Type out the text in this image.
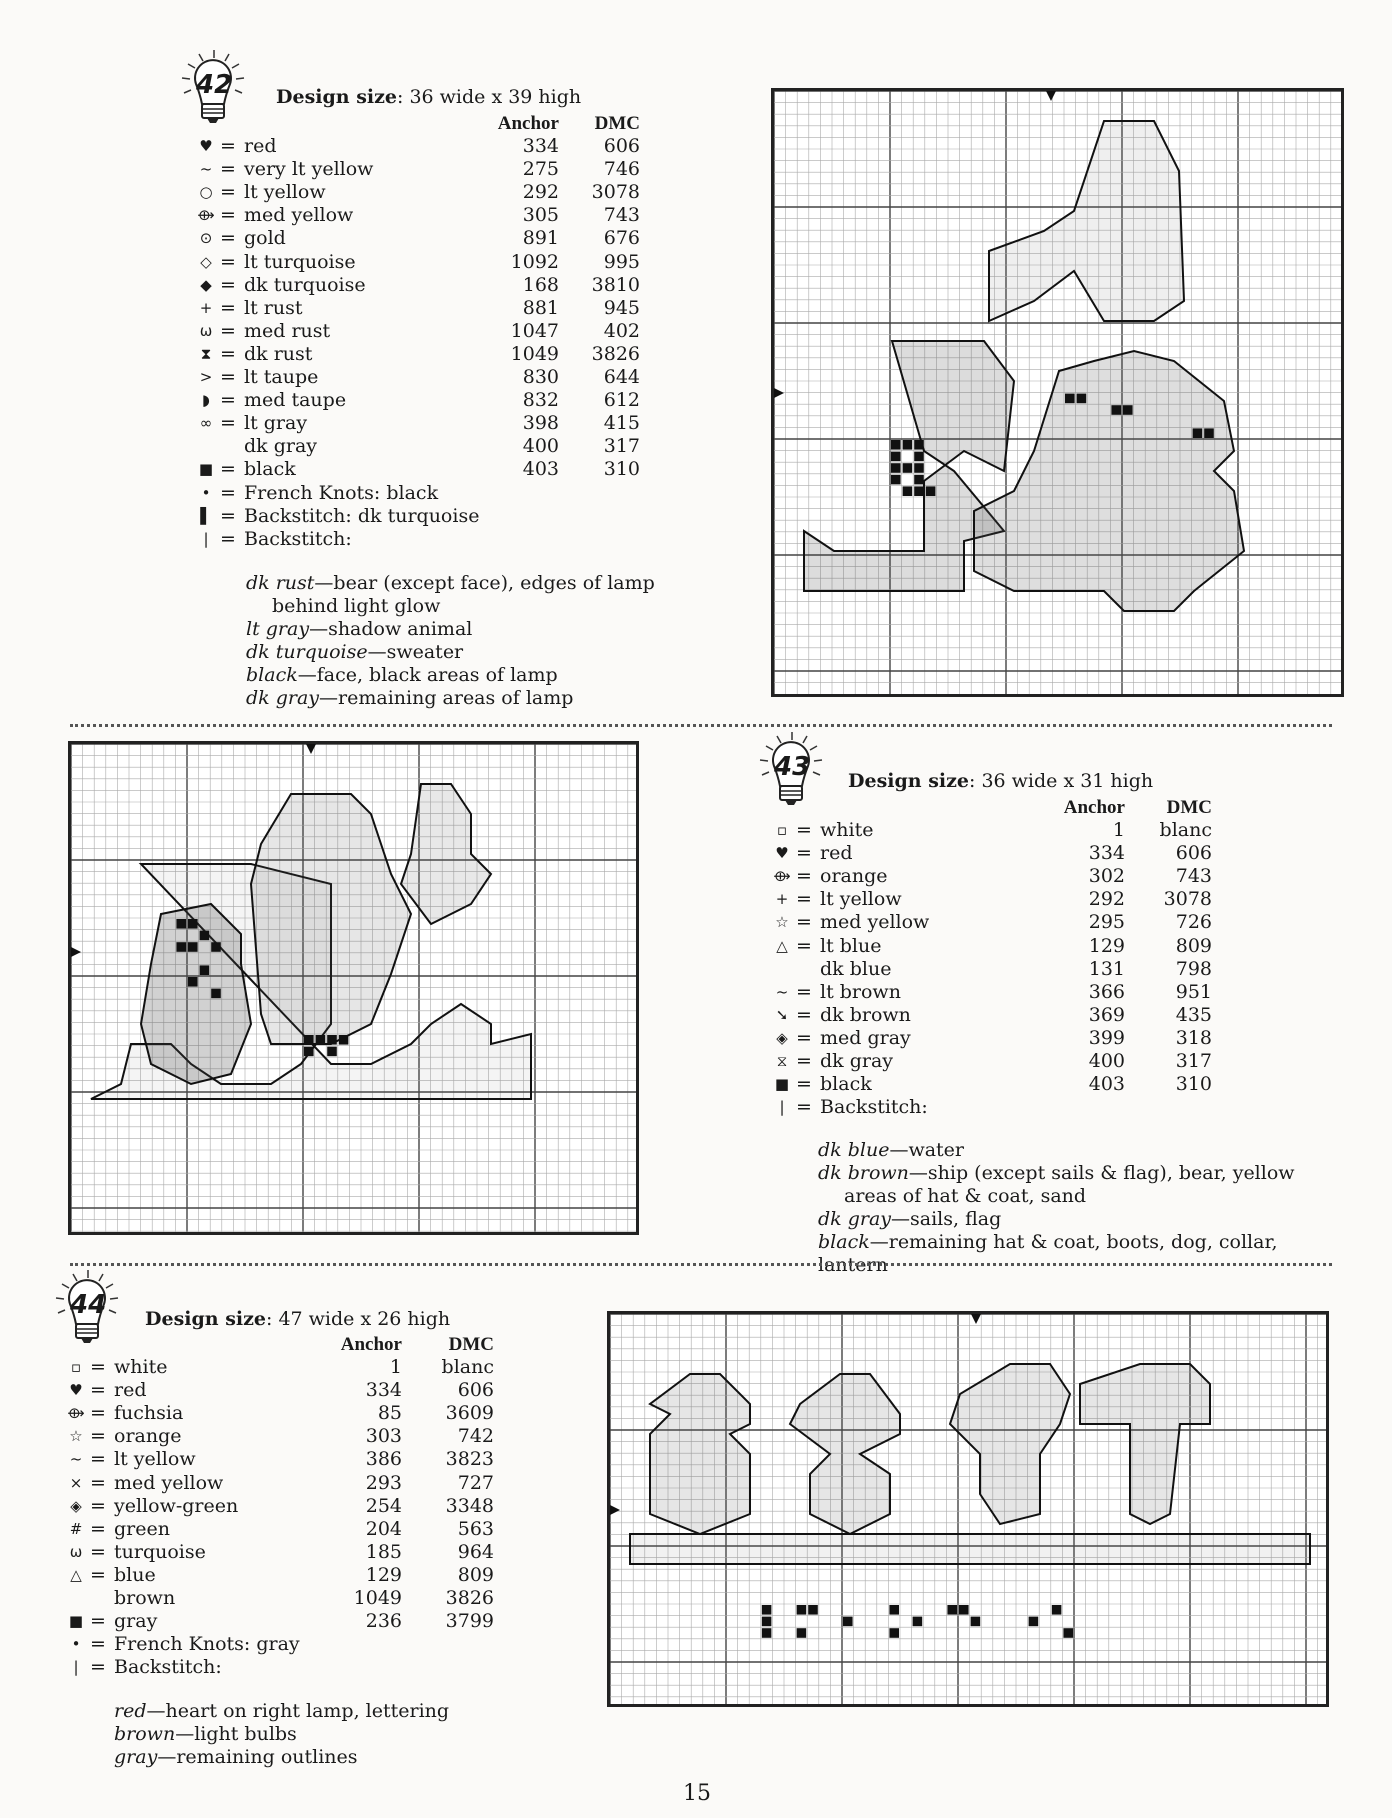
42 Design size: 36 wide x 39 high
Anchor DMC
♥ = red	334 606
~ = very lt yellow	275 746
○ = lt yellow	292 3078
⟴ = med yellow	305 743
⊙ = gold	891 676
◇ = lt turquoise	1092 995
◆ = dk turquoise	168 3810
+ = lt rust	881 945
ω = med rust	1047 402
⧗ = dk rust	1049 3826
> = lt taupe	830 644
◗ = med taupe	832 612
∞ = lt gray	398 415
dk gray	400 317
■ = black	403 310
• = French Knots: black
▌ = Backstitch: dk turquoise
| = Backstitch:
dk rust—bear (except face), edges of lamp
behind light glow
lt gray—shadow animal
dk turquoise—sweater
black—face, black areas of lamp
dk gray—remaining areas of lamp
43 Design size: 36 wide x 31 high
Anchor DMC
▫ = white	1 blanc
♥ = red	334	606
⟴ = orange	302	743
+ = lt yellow	292 3078
☆ = med yellow	295	726
△ = lt blue	129	809
dk blue	131	798
~ = lt brown	366	951
➘ = dk brown	369	435
◈ = med gray	399	318
⧖ = dk gray	400	317
■ = black	403	310
| = Backstitch:
dk blue—water
dk brown—ship (except sails & flag), bear, yellow
areas of hat & coat, sand
dk gray—sails, flag
black—remaining hat & coat, boots, dog, collar, lantern
44 Design size: 47 wide x 26 high
Anchor DMC
▫ = white	1 blanc
♥ = red	334	606
⟴ = fuchsia	85 3609
☆ = orange	303	742
~ = lt yellow	386 3823
× = med yellow	293	727
◈ = yellow-green	254 3348
# = green	204	563
ω = turquoise	185	964
△ = blue	129	809
brown	1049 3826
■ = gray	236 3799
• = French Knots: gray
| = Backstitch:
red—heart on right lamp, lettering
brown—light bulbs
gray—remaining outlines
15
